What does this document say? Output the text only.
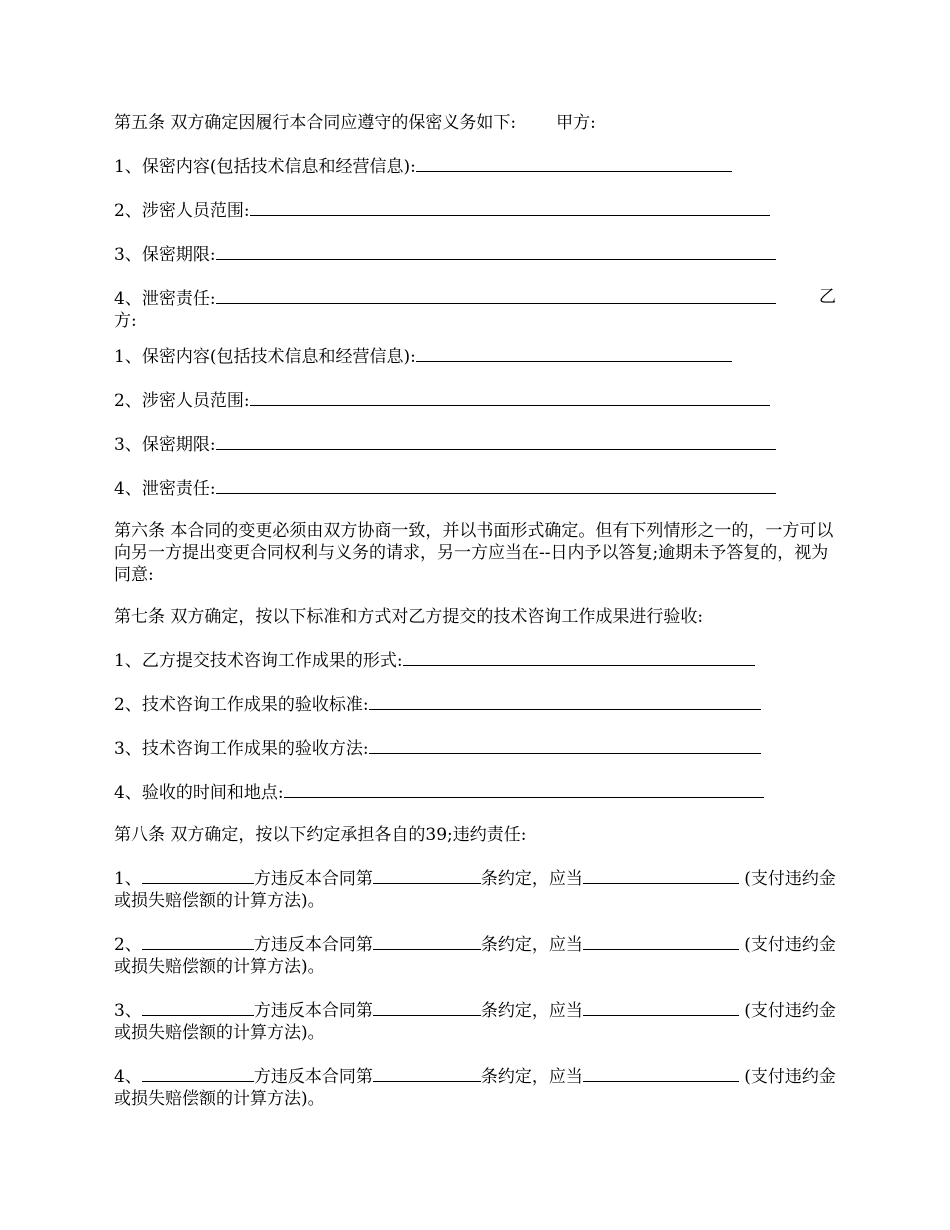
第五条 双方确定因履行本合同应遵守的保密义务如下: 甲方:

1、保密内容(包括技术信息和经营信息):

2、涉密人员范围:

3、保密期限:

4、泄密责任:	乙

方:

1、保密内容(包括技术信息和经营信息):

2、涉密人员范围:

3、保密期限:

4、泄密责任:

第六条 本合同的变更必须由双方协商一致，并以书面形式确定。但有下列情形之一的，一方可以向另一方提出变更合同权利与义务的请求，另一方应当在--日内予以答复;逾期未予答复的，视为同意:

第七条 双方确定，按以下标准和方式对乙方提交的技术咨询工作成果进行验收:

1、乙方提交技术咨询工作成果的形式:

2、技术咨询工作成果的验收标准:

3、技术咨询工作成果的验收方法:

4、验收的时间和地点:

第八条 双方确定，按以下约定承担各自的39;违约责任:

1、	方违反本合同第	条约定，应当	(支付违约金或损失赔偿额的计算方法)。

2、	方违反本合同第	条约定，应当	(支付违约金或损失赔偿额的计算方法)。

3、	方违反本合同第	条约定，应当	(支付违约金或损失赔偿额的计算方法)。

4、	方违反本合同第	条约定，应当	(支付违约金或损失赔偿额的计算方法)。
